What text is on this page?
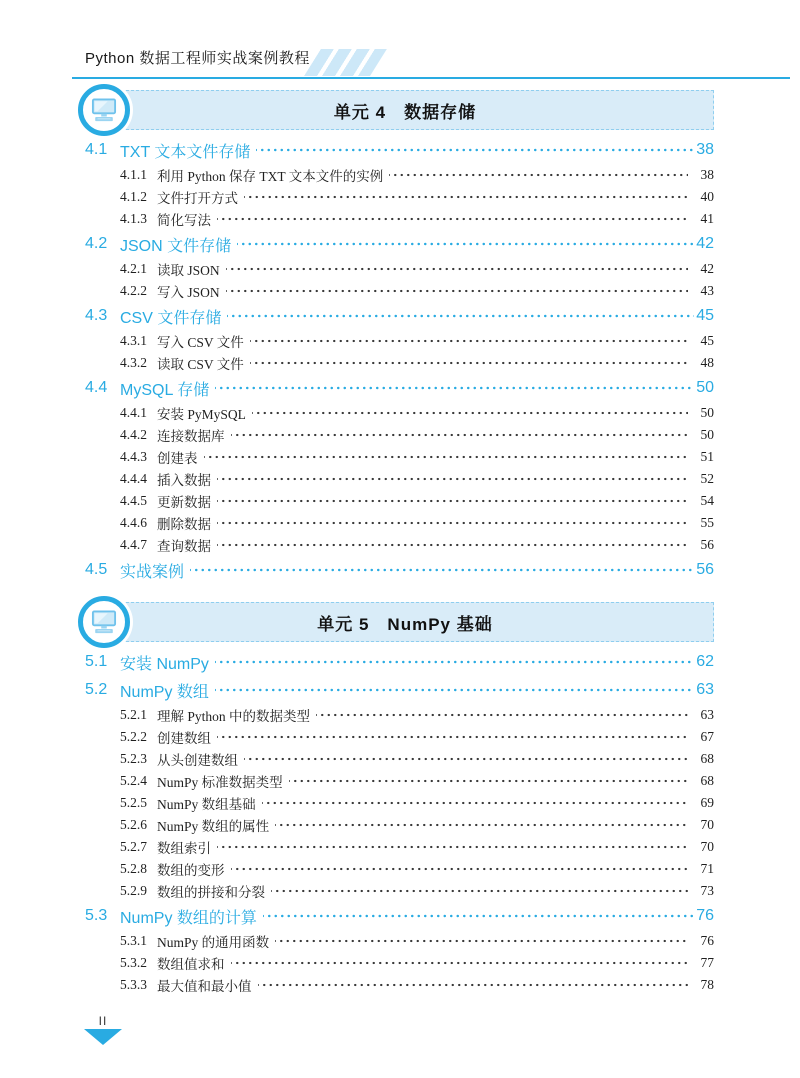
Python 数据工程师实战案例教程
单元 4　数据存储
4.1 TXT 文本文件存储	38
4.1.1 利用 Python 保存 TXT 文本文件的实例	38
4.1.2 文件打开方式	40
4.1.3 简化写法	41
4.2 JSON 文件存储	42
4.2.1 读取 JSON	42
4.2.2 写入 JSON	43
4.3 CSV 文件存储	45
4.3.1 写入 CSV 文件	45
4.3.2 读取 CSV 文件	48
4.4 MySQL 存储	50
4.4.1 安装 PyMySQL	50
4.4.2 连接数据库	50
4.4.3 创建表	51
4.4.4 插入数据	52
4.4.5 更新数据	54
4.4.6 删除数据	55
4.4.7 查询数据	56
4.5 实战案例	56
单元 5　NumPy 基础
5.1 安装 NumPy	62
5.2 NumPy 数组	63
5.2.1 理解 Python 中的数据类型	63
5.2.2 创建数组	67
5.2.3 从头创建数组	68
5.2.4 NumPy 标准数据类型	68
5.2.5 NumPy 数组基础	69
5.2.6 NumPy 数组的属性	70
5.2.7 数组索引	70
5.2.8 数组的变形	71
5.2.9 数组的拼接和分裂	73
5.3 NumPy 数组的计算	76
5.3.1 NumPy 的通用函数	76
5.3.2 数组值求和	77
5.3.3 最大值和最小值	78
II
